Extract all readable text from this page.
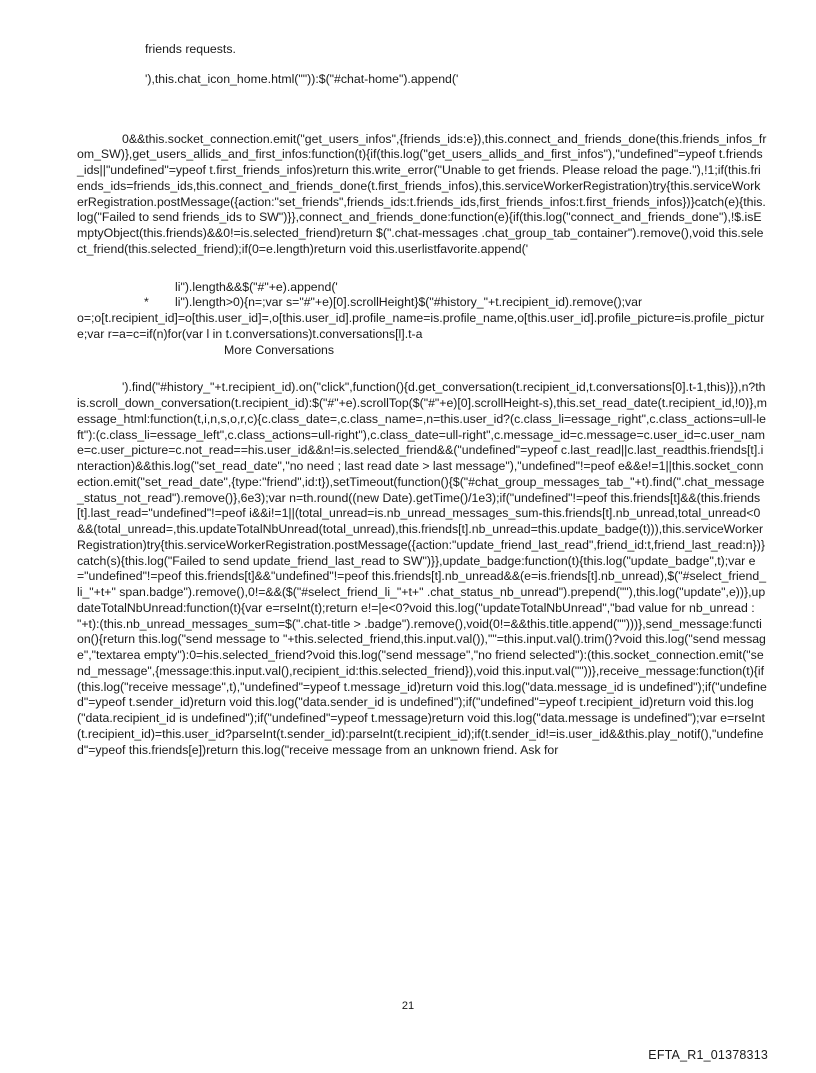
friends requests.

'),this.chat_icon_home.html("")):$("#chat-home").append('

0&&this.socket_connection.emit("get_users_infos",{friends_ids:e}),this.connect_and_friends_done(this.friends_infos_from_SW)},get_users_allids_and_first_infos:function(t){if(this.log("get_users_allids_and_first_infos"),"undefined"=ypeof t.friends_ids||"undefined"=ypeof t.first_friends_infos)return this.write_error("Unable to get friends. Please reload the page."),!1;if(this.friends_ids=friends_ids,this.connect_and_friends_done(t.first_friends_infos),this.serviceWorkerRegistration)try{this.serviceWorkerRegistration.postMessage({action:"set_friends",friends_ids:t.friends_ids,first_friends_infos:t.first_friends_infos})}catch(e){this.log("Failed to send friends_ids to SW")}},connect_and_friends_done:function(e){if(this.log("connect_and_friends_done"),!$.isEmptyObject(this.friends)&&0!=is.selected_friend)return $(".chat-messages .chat_group_tab_container").remove(),void this.select_friend(this.selected_friend);if(0=e.length)return void this.userlistfavorite.append('

li").length&&$("#"+e).append('

* li").length>0){n=;var s="#"+e)[0].scrollHeight}$("#history_"+t.recipient_id).remove();var

o=;o[t.recipient_id]=o[this.user_id]=,o[this.user_id].profile_name=is.profile_name,o[this.user_id].profile_picture=is.profile_picture;var r=a=c=if(n)for(var l in t.conversations)t.conversations[l].t-a

More Conversations

').find("#history_"+t.recipient_id).on("click",function(){d.get_conversation(t.recipient_id,t.conversations[0].t-1,this)}),n?this.scroll_down_conversation(t.recipient_id):$("#"+e).scrollTop($("#"+e)[0].scrollHeight-s),this.set_read_date(t.recipient_id,!0)},message_html:function(t,i,n,s,o,r,c){c.class_date=,c.class_name=,n=this.user_id?(c.class_li=essage_right",c.class_actions=ull-left"):(c.class_li=essage_left",c.class_actions=ull-right"),c.class_date=ull-right",c.message_id=c.message=c.user_id=c.user_name=c.user_picture=c.not_read==his.user_id&&n!=is.selected_friend&&("undefined"=ypeof c.last_read||c.last_readthis.friends[t].interaction)&&this.log("set_read_date","no need ; last read date > last message"),"undefined"!=peof e&&e!=1||this.socket_connection.emit("set_read_date",{type:"friend",id:t}),setTimeout(function(){$("#chat_group_messages_tab_"+t).find(".chat_message_status_not_read").remove()},6e3);var n=th.round((new Date).getTime()/1e3);if("undefined"!=peof this.friends[t]&&(this.friends[t].last_read="undefined"!=peof i&&i!=1||(total_unread=is.nb_unread_messages_sum-this.friends[t].nb_unread,total_unread<0&&(total_unread=,this.updateTotalNbUnread(total_unread),this.friends[t].nb_unread=this.update_badge(t))),this.serviceWorkerRegistration)try{this.serviceWorkerRegistration.postMessage({action:"update_friend_last_read",friend_id:t,friend_last_read:n})}catch(s){this.log("Failed to send update_friend_last_read to SW")}},update_badge:function(t){this.log("update_badge",t);var e="undefined"!=peof this.friends[t]&&"undefined"!=peof this.friends[t].nb_unread&&(e=is.friends[t].nb_unread),$("#select_friend_li_"+t+" span.badge").remove(),0!=&&($("#select_friend_li_"+t+" .chat_status_nb_unread").prepend(""),this.log("update",e))},updateTotalNbUnread:function(t){var e=rseInt(t);return e!=|e<0?void this.log("updateTotalNbUnread","bad value for nb_unread : "+t):(this.nb_unread_messages_sum=$(".chat-title > .badge").remove(),void(0!=&&this.title.append("")))},send_message:function(){return this.log("send message to "+this.selected_friend,this.input.val()),""=this.input.val().trim()?void this.log("send message","textarea empty"):0=his.selected_friend?void this.log("send message","no friend selected"):(this.socket_connection.emit("send_message",{message:this.input.val(),recipient_id:this.selected_friend}),void this.input.val(""))},receive_message:function(t){if(this.log("receive message",t),"undefined"=ypeof t.message_id)return void this.log("data.message_id is undefined");if("undefined"=ypeof t.sender_id)return void this.log("data.sender_id is undefined");if("undefined"=ypeof t.recipient_id)return void this.log("data.recipient_id is undefined");if("undefined"=ypeof t.message)return void this.log("data.message is undefined");var e=rseInt(t.recipient_id)=this.user_id?parseInt(t.sender_id):parseInt(t.recipient_id);if(t.sender_id!=is.user_id&&this.play_notif(),"undefined"=ypeof this.friends[e])return this.log("receive message from an unknown friend. Ask for

21
EFTA_R1_01378313
